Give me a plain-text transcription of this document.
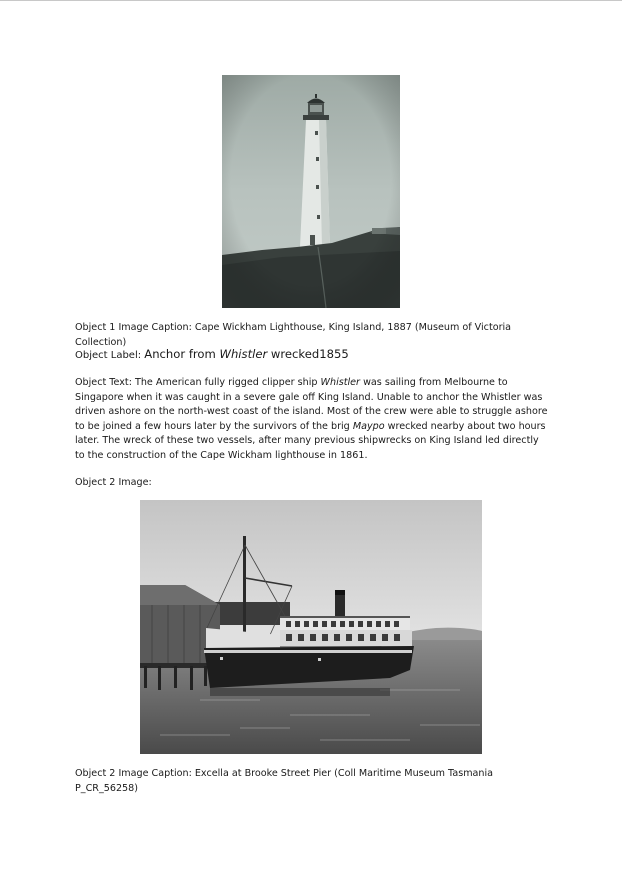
Object 1 Image Caption: Cape Wickham Lighthouse, King Island, 1887 (Museum of Victoria Collection)

Object Label: Anchor from Whistler wrecked1855

Object Text: The American fully rigged clipper ship Whistler was sailing from Melbourne to Singapore when it was caught in a severe gale off King Island. Unable to anchor the Whistler was driven ashore on the north-west coast of the island. Most of the crew were able to struggle ashore to be joined a few hours later by the survivors of the brig Maypo wrecked nearby about two hours later. The wreck of these two vessels, after many previous shipwrecks on King Island led directly to the construction of the Cape Wickham lighthouse in 1861.

Object 2 Image:

Object 2 Image Caption: Excella at Brooke Street Pier (Coll Maritime Museum Tasmania P_CR_56258)
